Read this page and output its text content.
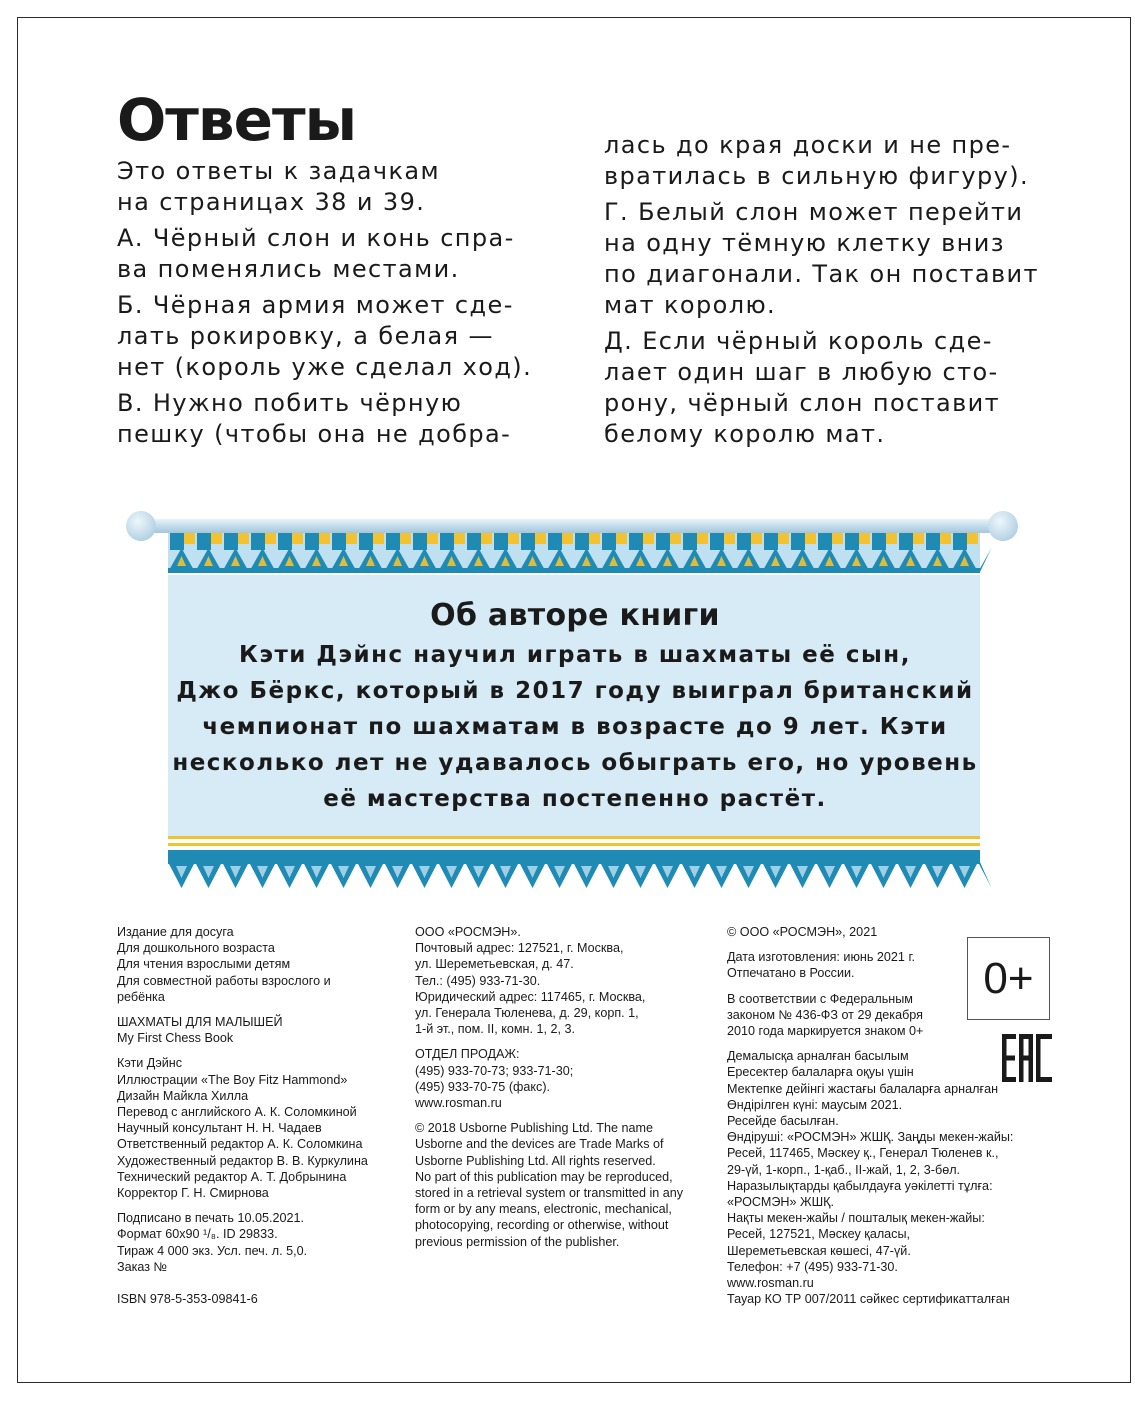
Ответы

Это ответы к задачкам
на страницах 38 и 39.

А. Чёрный слон и конь спра-
ва поменялись местами.

Б. Чёрная армия может сде-
лать рокировку, а белая —
нет (король уже сделал ход).

В. Нужно побить чёрную
пешку (чтобы она не добра-

лась до края доски и не пре-
вратилась в сильную фигуру).

Г. Белый слон может перейти
на одну тёмную клетку вниз
по диагонали. Так он поставит
мат королю.

Д. Если чёрный король сде-
лает один шаг в любую сто-
рону, чёрный слон поставит
белому королю мат.

Об авторе книги

Кэти Дэйнс научил играть в шахматы её сын,
Джо Бёркс, который в 2017 году выиграл британский
чемпионат по шахматам в возрасте до 9 лет. Кэти
несколько лет не удавалось обыграть его, но уровень
её мастерства постепенно растёт.

Издание для досуга
Для дошкольного возраста
Для чтения взрослыми детям
Для совместной работы взрослого и
ребёнка
ШАХМАТЫ ДЛЯ МАЛЫШЕЙ
My First Chess Book
Кэти Дэйнс
Иллюстрации «The Boy Fitz Hammond»
Дизайн Майкла Хилла
Перевод с английского А. К. Соломкиной
Научный консультант Н. Н. Чадаев
Ответственный редактор А. К. Соломкина
Художественный редактор В. В. Куркулина
Технический редактор А. Т. Добрынина
Корректор Г. Н. Смирнова
Подписано в печать 10.05.2021.
Формат 60x90 ¹/₈. ID 29833.
Тираж 4 000 экз. Усл. печ. л. 5,0.
Заказ №
ISBN 978-5-353-09841-6
ООО «РОСМЭН».
Почтовый адрес: 127521, г. Москва,
ул. Шереметьевская, д. 47.
Тел.: (495) 933-71-30.
Юридический адрес: 117465, г. Москва,
ул. Генерала Тюленева, д. 29, корп. 1,
1-й эт., пом. II, комн. 1, 2, 3.
ОТДЕЛ ПРОДАЖ:
(495) 933-70-73; 933-71-30;
(495) 933-70-75 (факс).
www.rosman.ru
© 2018 Usborne Publishing Ltd. The name
Usborne and the devices are Trade Marks of
Usborne Publishing Ltd. All rights reserved.
No part of this publication may be reproduced,
stored in a retrieval system or transmitted in any
form or by any means, electronic, mechanical,
photocopying, recording or otherwise, without
previous permission of the publisher.
© ООО «РОСМЭН», 2021
Дата изготовления: июнь 2021 г.
Отпечатано в России.
В соответствии с Федеральным
законом № 436-ФЗ от 29 декабря
2010 года маркируется знаком 0+
Демалысқа арналған басылым
Ересектер балаларға оқуы үшін
Мектепке дейінгі жастағы балаларға арналған
Өндірілген күні: маусым 2021.
Ресейде басылған.
Өндіруші: «РОСМЭН» ЖШҚ. Заңды мекен-жайы:
Ресей, 117465, Мәскеу қ., Генерал Тюленев к.,
29-үй, 1-корп., 1-қаб., II-жай, 1, 2, 3-бөл.
Наразылықтарды қабылдауға уәкілетті тұлға:
«РОСМЭН» ЖШҚ.
Нақты мекен-жайы / пошталық мекен-жайы:
Ресей, 127521, Мәскеу қаласы,
Шереметьевская көшесі, 47-үй.
Телефон: +7 (495) 933-71-30.
www.rosman.ru
Тауар КО ТР 007/2011 сәйкес сертификатталған
0+
